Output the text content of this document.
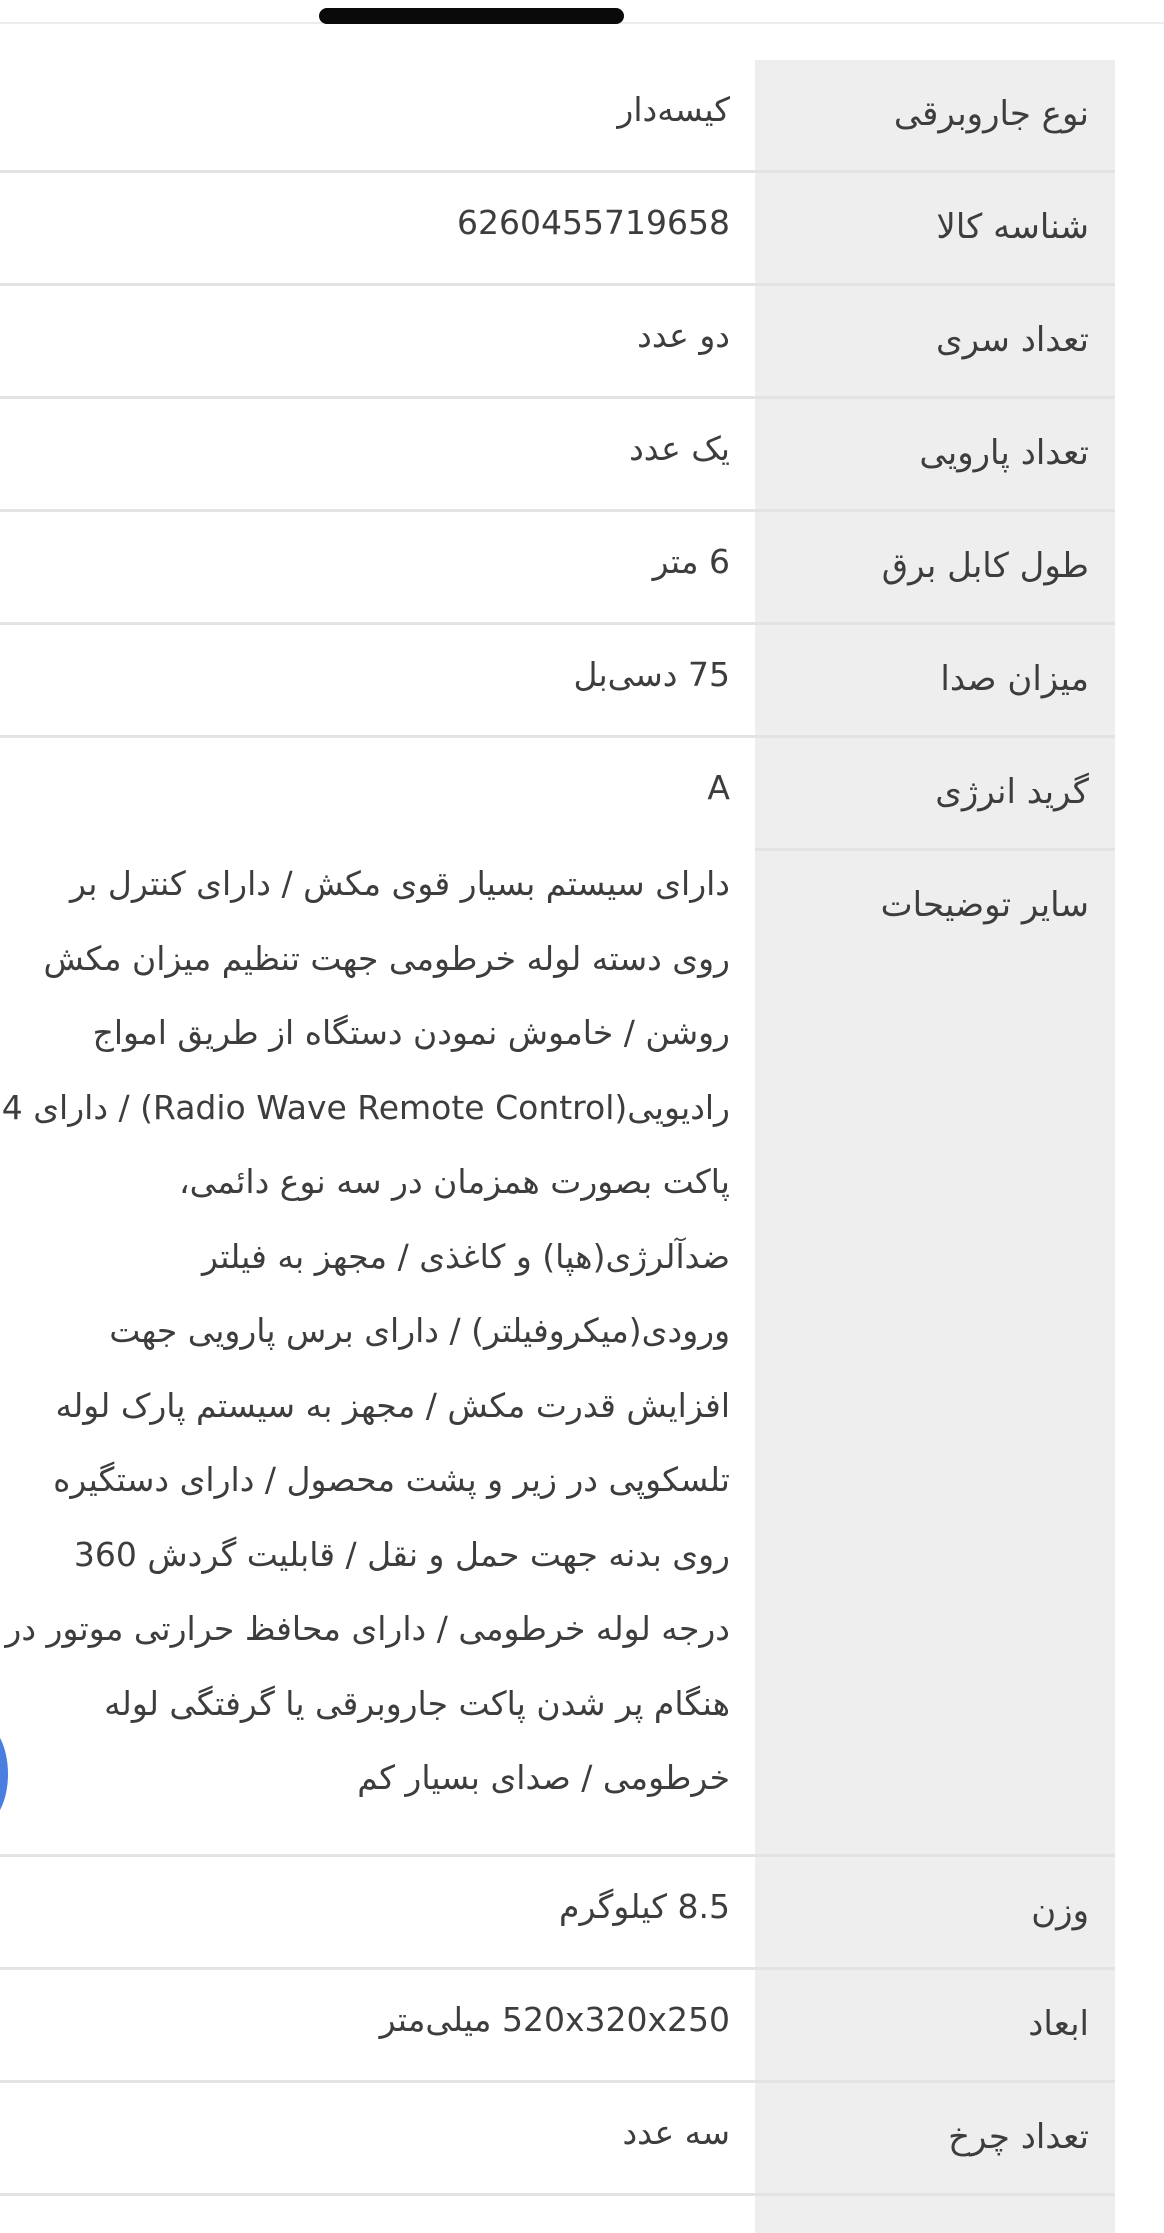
نوع جاروبرقی
کیسه‌دار
شناسه کالا
6260455719658
تعداد سری
دو عدد
تعداد پارویی
یک عدد
طول کابل برق
6 متر
میزان صدا
75 دسی‌بل
گرید انرژی
A
سایر توضیحات
دارای سیستم بسیار قوی مکش / دارای کنترل بر
روی دسته لوله خرطومی جهت تنظیم میزان مکش
روشن / خاموش نمودن دستگاه از طریق امواج
رادیویی(Radio Wave Remote Control) / دارای 4
پاکت بصورت همزمان در سه نوع دائمی،
ضدآلرژی(هپا) و کاغذی / مجهز به فیلتر
ورودی(میکروفیلتر) / دارای برس پارویی جهت
افزایش قدرت مکش / مجهز به سیستم پارک لوله
تلسکوپی در زیر و پشت محصول / دارای دستگیره
روی بدنه جهت حمل و نقل / قابلیت گردش 360
درجه لوله خرطومی / دارای محافظ حرارتی موتور در
هنگام پر شدن پاکت جاروبرقی یا گرفتگی لوله
خرطومی / صدای بسیار کم
وزن
8.5 کیلوگرم
ابعاد
520x320x250 میلی‌متر
تعداد چرخ
سه عدد
